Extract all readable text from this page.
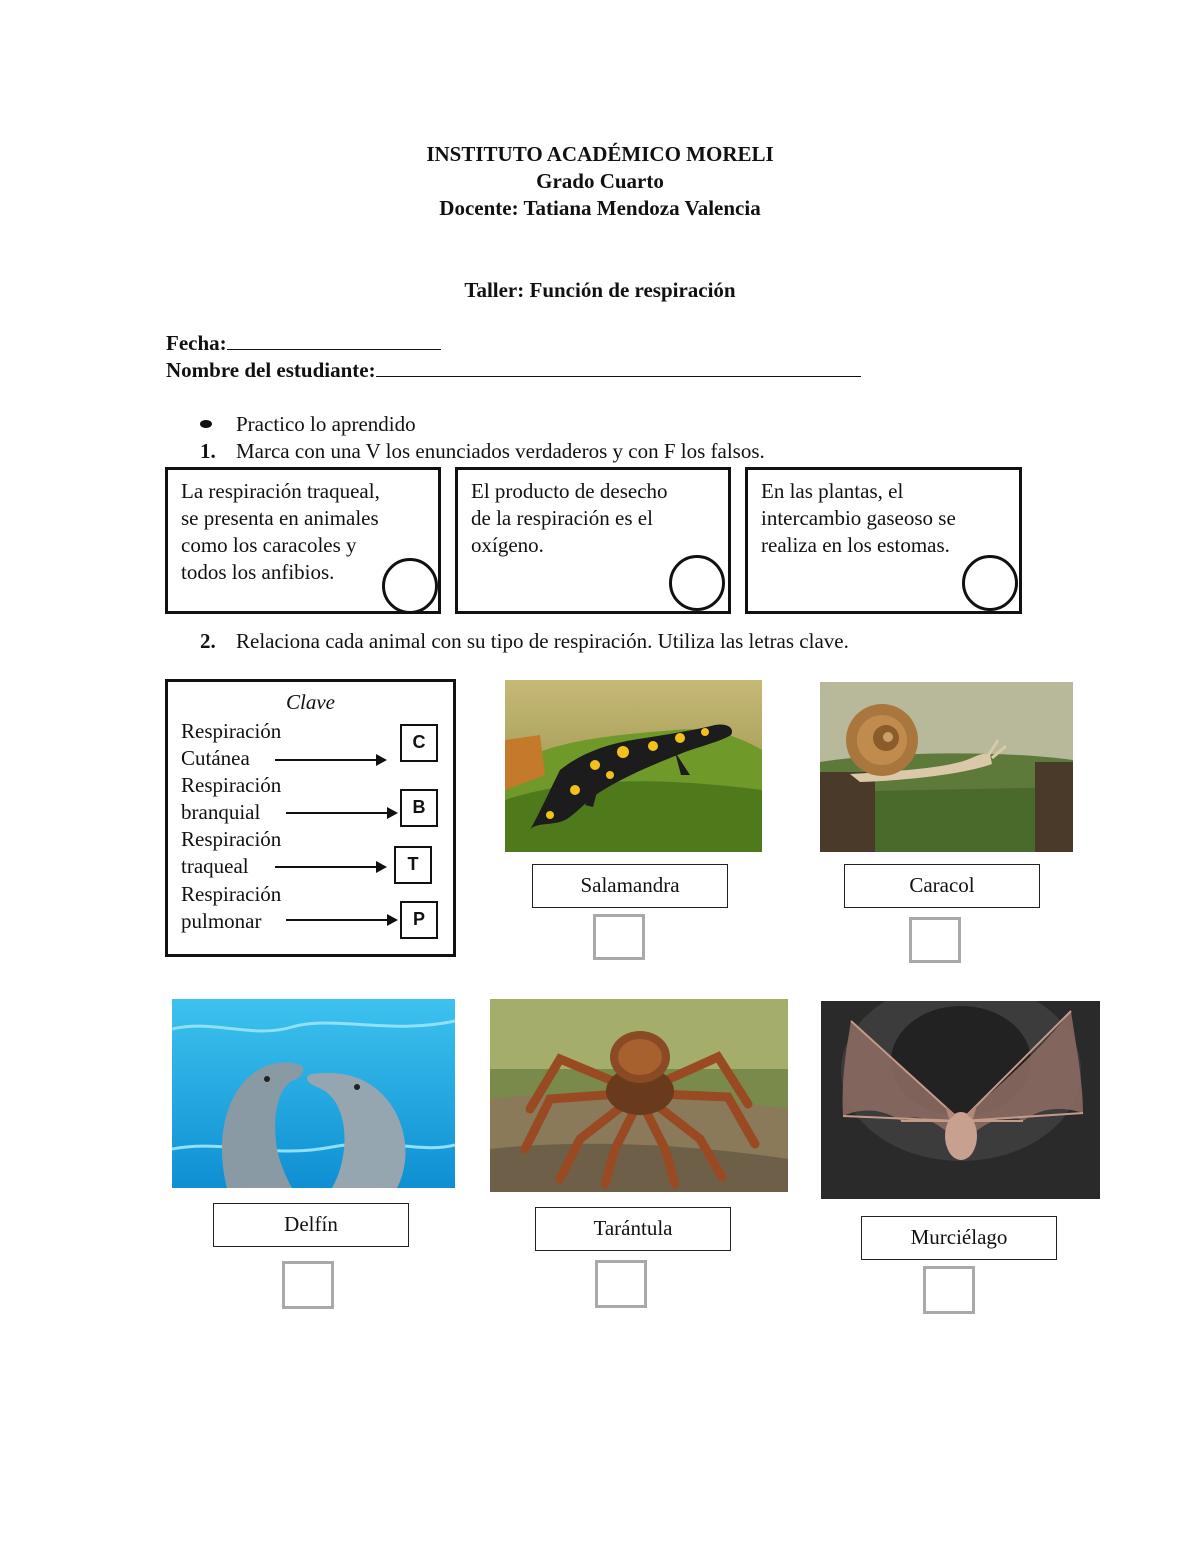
INSTITUTO ACADÉMICO MORELI
Grado Cuarto
Docente: Tatiana Mendoza Valencia
Taller: Función de respiración
Fecha:
Nombre del estudiante:
Practico lo aprendido
1. Marca con una V los enunciados verdaderos y con F los falsos.

La respiración traqueal,
se presenta en animales
como los caracoles y
todos los anfibios.

El producto de desecho
de la respiración es el
oxígeno.

En las plantas, el
intercambio gaseoso se
realiza en los estomas.

2. Relaciona cada animal con su tipo de respiración. Utiliza las letras clave.
Clave
Respiración
Cutánea
C
Respiración
branquial	B
Respiración
traqueal	T
Respiración
pulmonar	P
Salamandra	Caracol
Delfín	Tarántula	Murciélago
